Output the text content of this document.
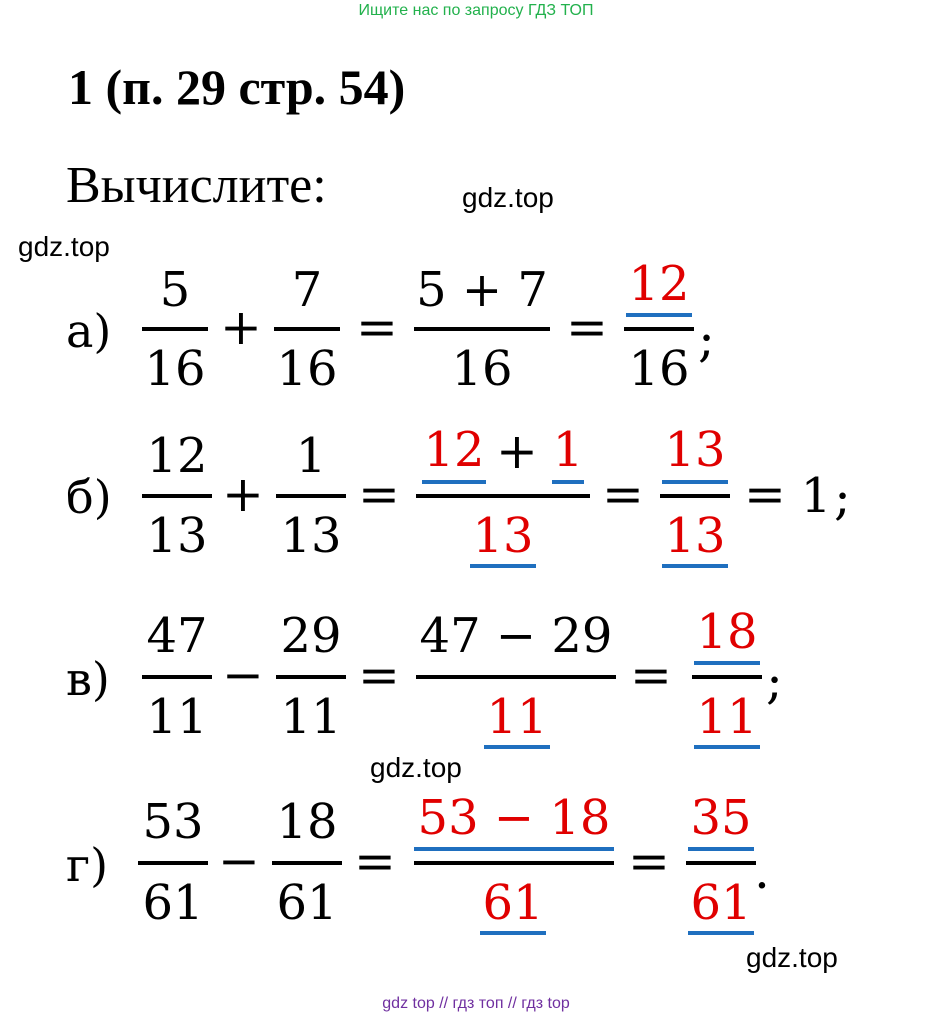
Ищите нас по запросу ГДЗ ТОП
gdz top // гдз топ // гдз top
1 (п. 29 стр. 54)
Вычислите:	gdz.top
gdz.top
gdz.top
gdz.top
а)
5
16
+
7
16
=
5 + 7
16
=
12
16
;
б)
12
13
+
1
13
=
12 + 1
13
=
13
13
= 1 ;
в)
47
11
−
29
11
=
47 − 29
11
=
18
11
;
г)
53
61
−
18
61
=
53 − 18
61
=
35
61
.
